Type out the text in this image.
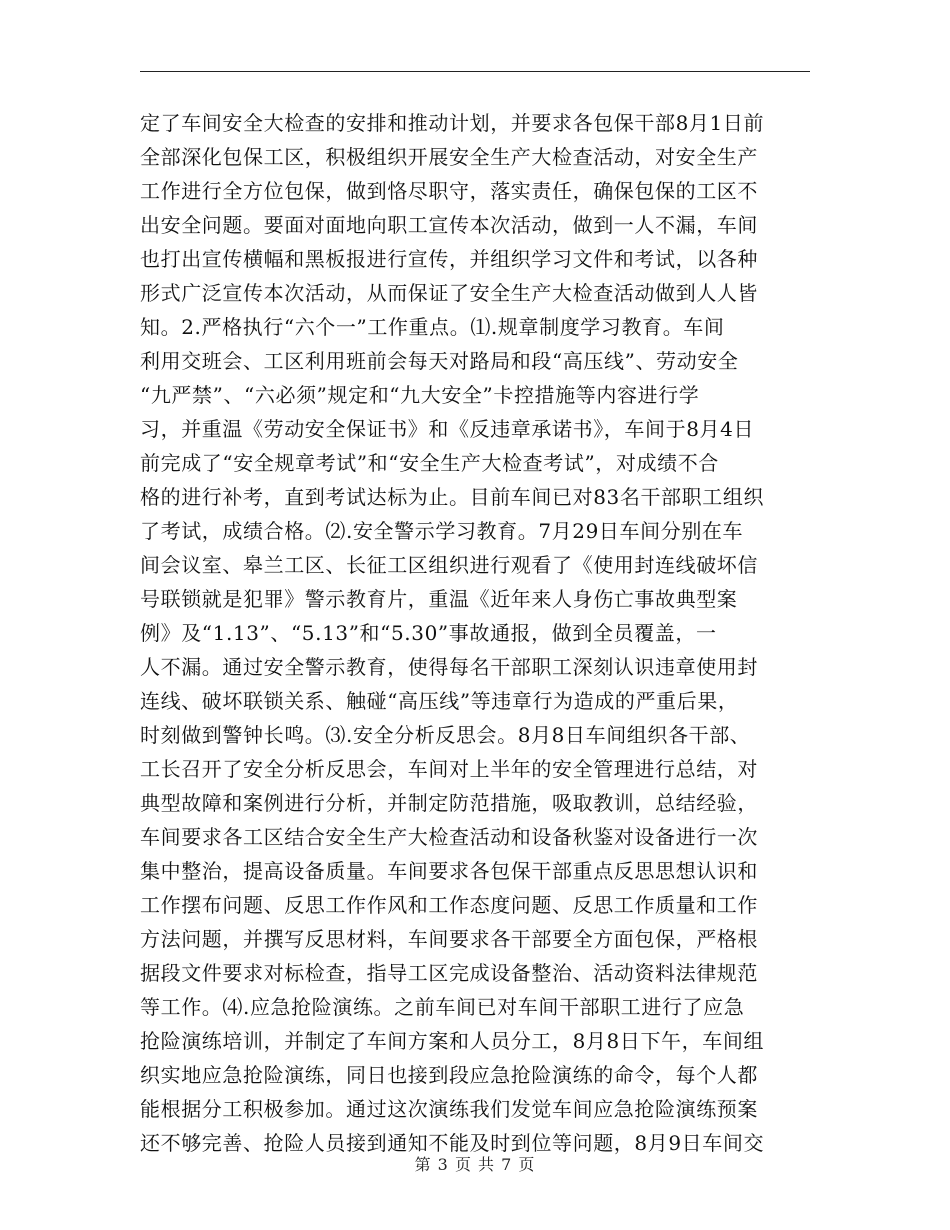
定了车间安全大检查的安排和推动计划，并要求各包保干部8月1日前
全部深化包保工区，积极组织开展安全生产大检查活动，对安全生产
工作进行全方位包保，做到恪尽职守，落实责任，确保包保的工区不
出安全问题。要面对面地向职工宣传本次活动，做到一人不漏，车间
也打出宣传横幅和黑板报进行宣传，并组织学习文件和考试，以各种
形式广泛宣传本次活动，从而保证了安全生产大检查活动做到人人皆
知。2.严格执行“六个一”工作重点。⑴.规章制度学习教育。车间
利用交班会、工区利用班前会每天对路局和段“高压线”、劳动安全
“九严禁”、“六必须”规定和“九大安全”卡控措施等内容进行学
习，并重温《劳动安全保证书》和《反违章承诺书》，车间于8月4日
前完成了“安全规章考试”和“安全生产大检查考试”，对成绩不合
格的进行补考，直到考试达标为止。目前车间已对83名干部职工组织
了考试，成绩合格。⑵.安全警示学习教育。7月29日车间分别在车
间会议室、皋兰工区、长征工区组织进行观看了《使用封连线破坏信
号联锁就是犯罪》警示教育片，重温《近年来人身伤亡事故典型案
例》及“1.13”、“5.13”和“5.30”事故通报，做到全员覆盖，一
人不漏。通过安全警示教育，使得每名干部职工深刻认识违章使用封
连线、破坏联锁关系、触碰“高压线”等违章行为造成的严重后果，
时刻做到警钟长鸣。⑶.安全分析反思会。8月8日车间组织各干部、
工长召开了安全分析反思会，车间对上半年的安全管理进行总结，对
典型故障和案例进行分析，并制定防范措施，吸取教训，总结经验，
车间要求各工区结合安全生产大检查活动和设备秋鉴对设备进行一次
集中整治，提高设备质量。车间要求各包保干部重点反思思想认识和
工作摆布问题、反思工作作风和工作态度问题、反思工作质量和工作
方法问题，并撰写反思材料，车间要求各干部要全方面包保，严格根
据段文件要求对标检查，指导工区完成设备整治、活动资料法律规范
等工作。⑷.应急抢险演练。之前车间已对车间干部职工进行了应急
抢险演练培训，并制定了车间方案和人员分工，8月8日下午，车间组
织实地应急抢险演练，同日也接到段应急抢险演练的命令，每个人都
能根据分工积极参加。通过这次演练我们发觉车间应急抢险演练预案
还不够完善、抢险人员接到通知不能及时到位等问题，8月9日车间交
第 3 页 共 7 页
